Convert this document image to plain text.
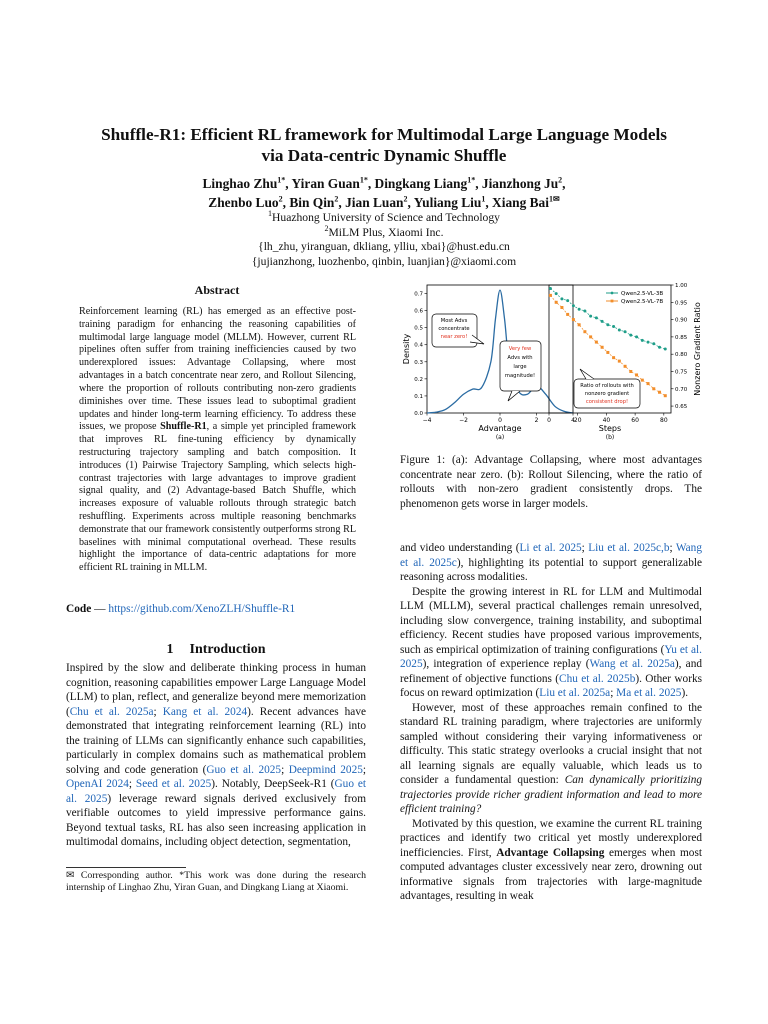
Shuffle-R1: Efficient RL framework for Multimodal Large Language Models
via Data-centric Dynamic Shuffle
Linghao Zhu$^{1*}$, Yiran Guan$^{1*}$, Dingkang Liang$^{1*}$, Jianzhong Ju$^2$,
Zhenbo Luo$^2$, Bin Qin$^2$, Jian Luan$^2$, Yuliang Liu$^1$, Xiang Bai$^{1✉}$
$^1$Huazhong University of Science and Technology
$^2$MiLM Plus, Xiaomi Inc.
{lh_zhu, yiranguan, dkliang, ylliu, xbai}@hust.edu.cn
{jujianzhong, luozhenbo, qinbin, luanjian}@xiaomi.com
Abstract
Reinforcement learning (RL) has emerged as an effective post-training paradigm for enhancing the reasoning capabilities of multimodal large language model (MLLM). However, current RL pipelines often suffer from training inefficiencies caused by two underexplored issues: Advantage Collapsing, where most advantages in a batch concentrate near zero, and Rollout Silencing, where the proportion of rollouts contributing non-zero gradients diminishes over time. These issues lead to suboptimal gradient updates and hinder long-term learning efficiency. To address these issues, we propose Shuffle-R1, a simple yet principled framework that improves RL fine-tuning efficiency by dynamically restructuring trajectory sampling and batch composition. It introduces (1) Pairwise Trajectory Sampling, which selects high-contrast trajectories with large advantages to improve gradient signal quality, and (2) Advantage-based Batch Shuffle, which increases exposure of valuable rollouts through strategic batch reshuffling. Experiments across multiple reasoning benchmarks demonstrate that our framework consistently outperforms strong RL baselines with minimal computational overhead. These results highlight the importance of data-centric adaptations for more efficient RL training in MLLM.
Code — https://github.com/XenoZLH/Shuffle-R1
1 Introduction

Inspired by the slow and deliberate thinking process in human cognition, reasoning capabilities empower Large Language Model (LLM) to plan, reflect, and generalize beyond mere memorization (Chu et al. 2025a; Kang et al. 2024). Recent advances have demonstrated that integrating reinforcement learning (RL) into the training of LLMs can significantly enhance such capabilities, particularly in complex domains such as mathematical problem solving and code generation (Guo et al. 2025; Deepmind 2025; OpenAI 2024; Seed et al. 2025). Notably, DeepSeek-R1 (Guo et al. 2025) leverage reward signals derived exclusively from verifiable outcomes to yield impressive performance gains. Beyond textual tasks, RL has also seen increasing application in multimodal domains, including object detection, segmentation,

✉ Corresponding author. *This work was done during the research internship of Linghao Zhu, Yiran Guan, and Dingkang Liang at Xiaomi.
−4	−2	0	2	4
0.0
0.1
0.2
0.3
0.4
0.5
0.6
0.7
Density
Advantage
(a)
Most Advs
concentrate
near zero!
Very few
Advs with
large
magnitude!
0	20	40	60	80
0.65
0.70
0.75
0.80
0.85
0.90
0.95
1.00
Steps
(b)
Nonzero Gradient Ratio
Qwen2.5-VL-3B
Qwen2.5-VL-7B
Ratio of rollouts with
nonzero gradient
consistent drop!
Figure 1: (a): Advantage Collapsing, where most advantages concentrate near zero. (b): Rollout Silencing, where the ratio of rollouts with non-zero gradient consistently drops. The phenomenon gets worse in larger models.

and video understanding (Li et al. 2025; Liu et al. 2025c,b; Wang et al. 2025c), highlighting its potential to support generalizable reasoning across modalities.

Despite the growing interest in RL for LLM and Multimodal LLM (MLLM), several practical challenges remain unresolved, including slow convergence, training instability, and suboptimal efficiency. Recent studies have proposed various improvements, such as empirical optimization of training configurations (Yu et al. 2025), integration of experience replay (Wang et al. 2025a), and refinement of objective functions (Chu et al. 2025b). Other works focus on reward optimization (Liu et al. 2025a; Ma et al. 2025).

However, most of these approaches remain confined to the standard RL training paradigm, where trajectories are uniformly sampled without considering their varying informativeness or difficulty. This static strategy overlooks a crucial insight that not all learning signals are equally valuable, which leads us to consider a fundamental question: Can dynamically prioritizing trajectories provide richer gradient information and lead to more efficient training?

Motivated by this question, we examine the current RL training practices and identify two critical yet mostly underexplored inefficiencies. First, Advantage Collapsing emerges when most computed advantages cluster excessively near zero, drowning out informative signals from trajectories with large-magnitude advantages, resulting in weak
